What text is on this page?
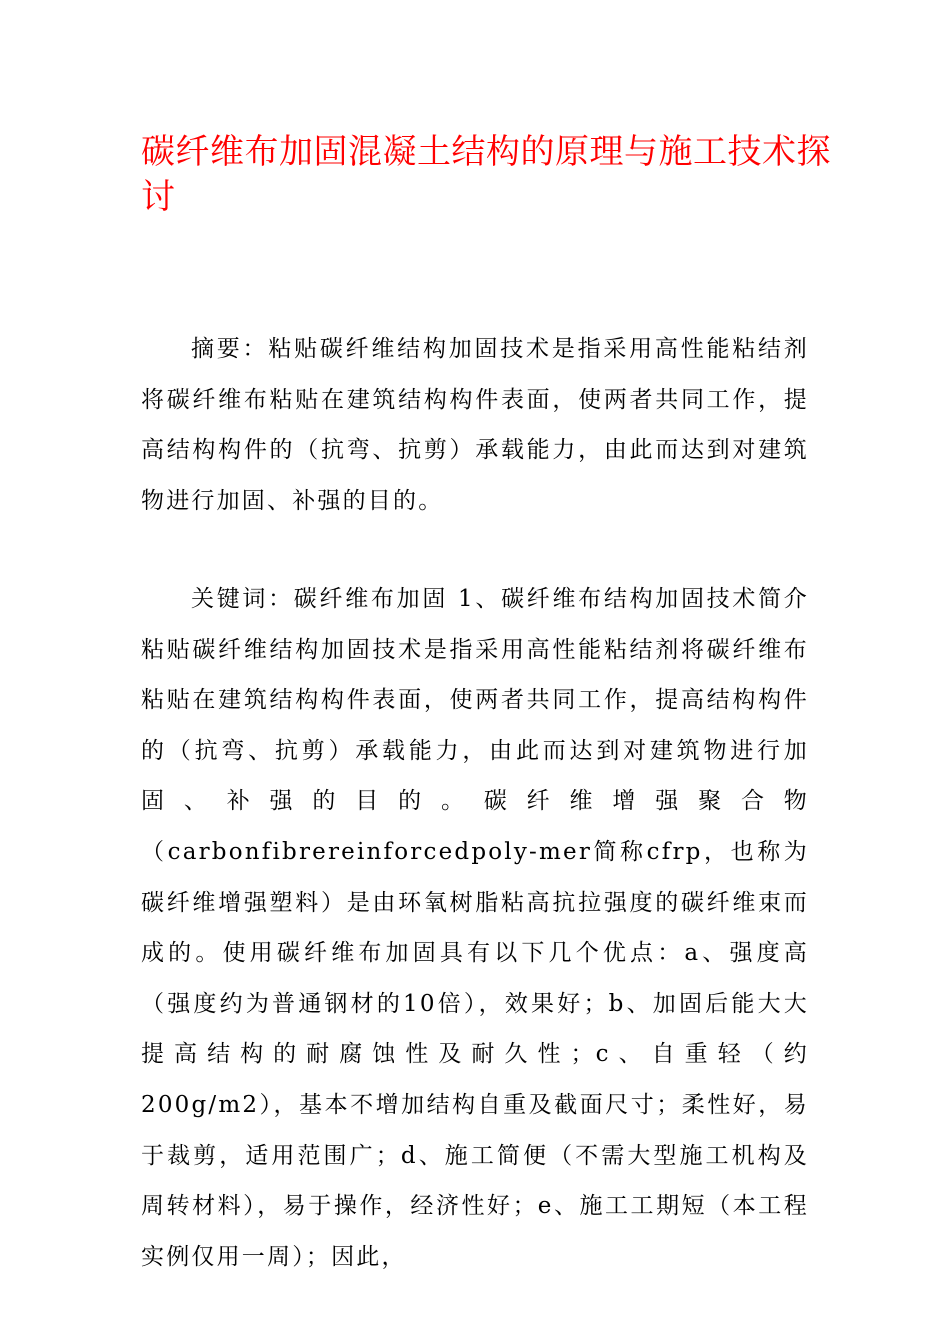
碳纤维布加固混凝土结构的原理与施工技术探讨

摘要：粘贴碳纤维结构加固技术是指采用高性能粘结剂将碳纤维布粘贴在建筑结构构件表面，使两者共同工作，提高结构构件的（抗弯、抗剪）承载能力，由此而达到对建筑物进行加固、补强的目的。

关键词：碳纤维布加固 1、碳纤维布结构加固技术简介粘贴碳纤维结构加固技术是指采用高性能粘结剂将碳纤维布粘贴在建筑结构构件表面，使两者共同工作，提高结构构件的（抗弯、抗剪）承载能力，由此而达到对建筑物进行加固、补强的目的。碳纤维增强聚合物（carbonfibrereinforcedpoly-mer简称cfrp，也称为碳纤维增强塑料）是由环氧树脂粘高抗拉强度的碳纤维束而成的。使用碳纤维布加固具有以下几个优点：a、强度高（强度约为普通钢材的10倍），效果好；b、加固后能大大提高结构的耐腐蚀性及耐久性；c、自重轻（约200g/m2），基本不增加结构自重及截面尺寸；柔性好，易于裁剪，适用范围广；d、施工简便（不需大型施工机构及周转材料），易于操作，经济性好；e、施工工期短（本工程实例仅用一周）；因此，
